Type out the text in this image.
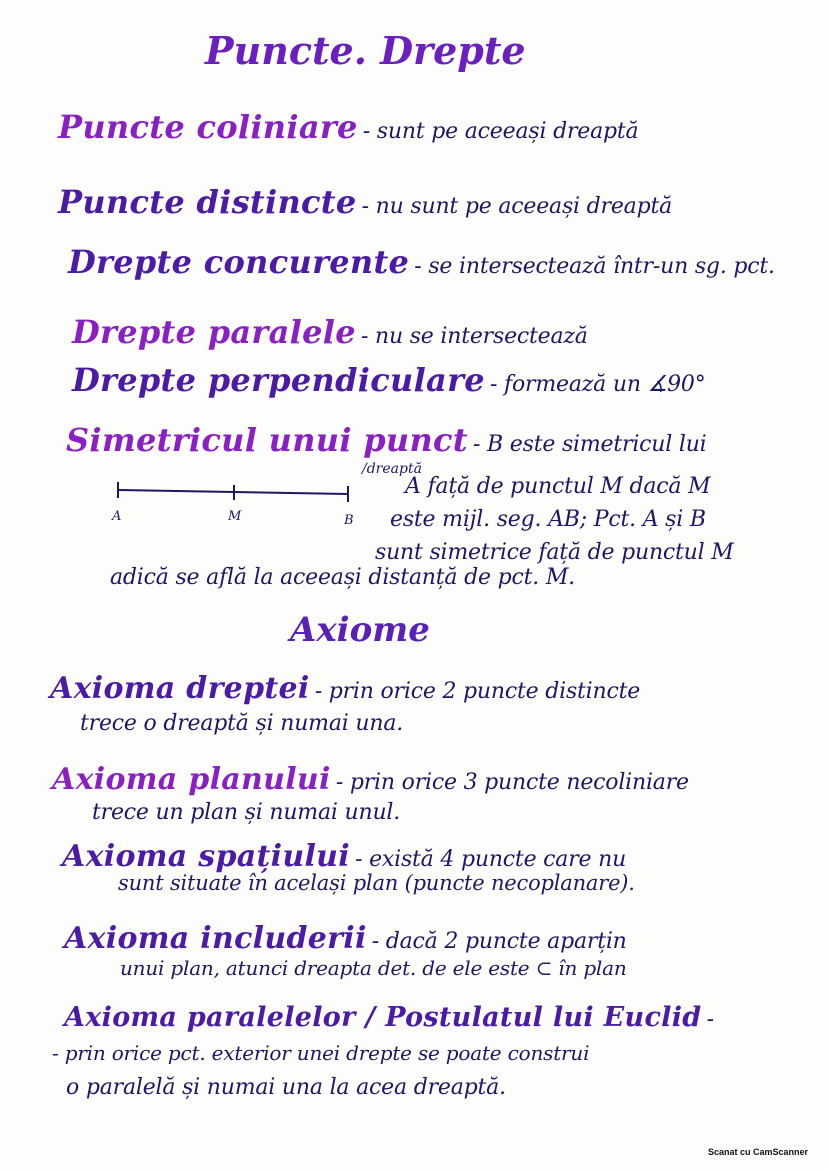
Puncte. Drepte
Puncte coliniare - sunt pe aceeași dreaptă
Puncte distincte - nu sunt pe aceeași dreaptă
Drepte concurente - se intersectează într-un sg. pct.
Drepte paralele - nu se intersectează
Drepte perpendiculare - formează un ∡90°
Simetricul unui punct - B este simetricul lui
/dreaptă
A față de punctul M dacă M
este mijl. seg. AB; Pct. A și B
sunt simetrice față de punctul M
adică se află la aceeași distanță de pct. M.
A	M	B
Axiome
Axioma dreptei - prin orice 2 puncte distincte
trece o dreaptă și numai una.
Axioma planului - prin orice 3 puncte necoliniare
trece un plan și numai unul.
Axioma spațiului - există 4 puncte care nu
sunt situate în același plan (puncte necoplanare).
Axioma includerii - dacă 2 puncte aparțin
unui plan, atunci dreapta det. de ele este ⊂ în plan
Axioma paralelelor / Postulatul lui Euclid -
- prin orice pct. exterior unei drepte se poate construi
o paralelă și numai una la acea dreaptă.
Scanat cu CamScanner
